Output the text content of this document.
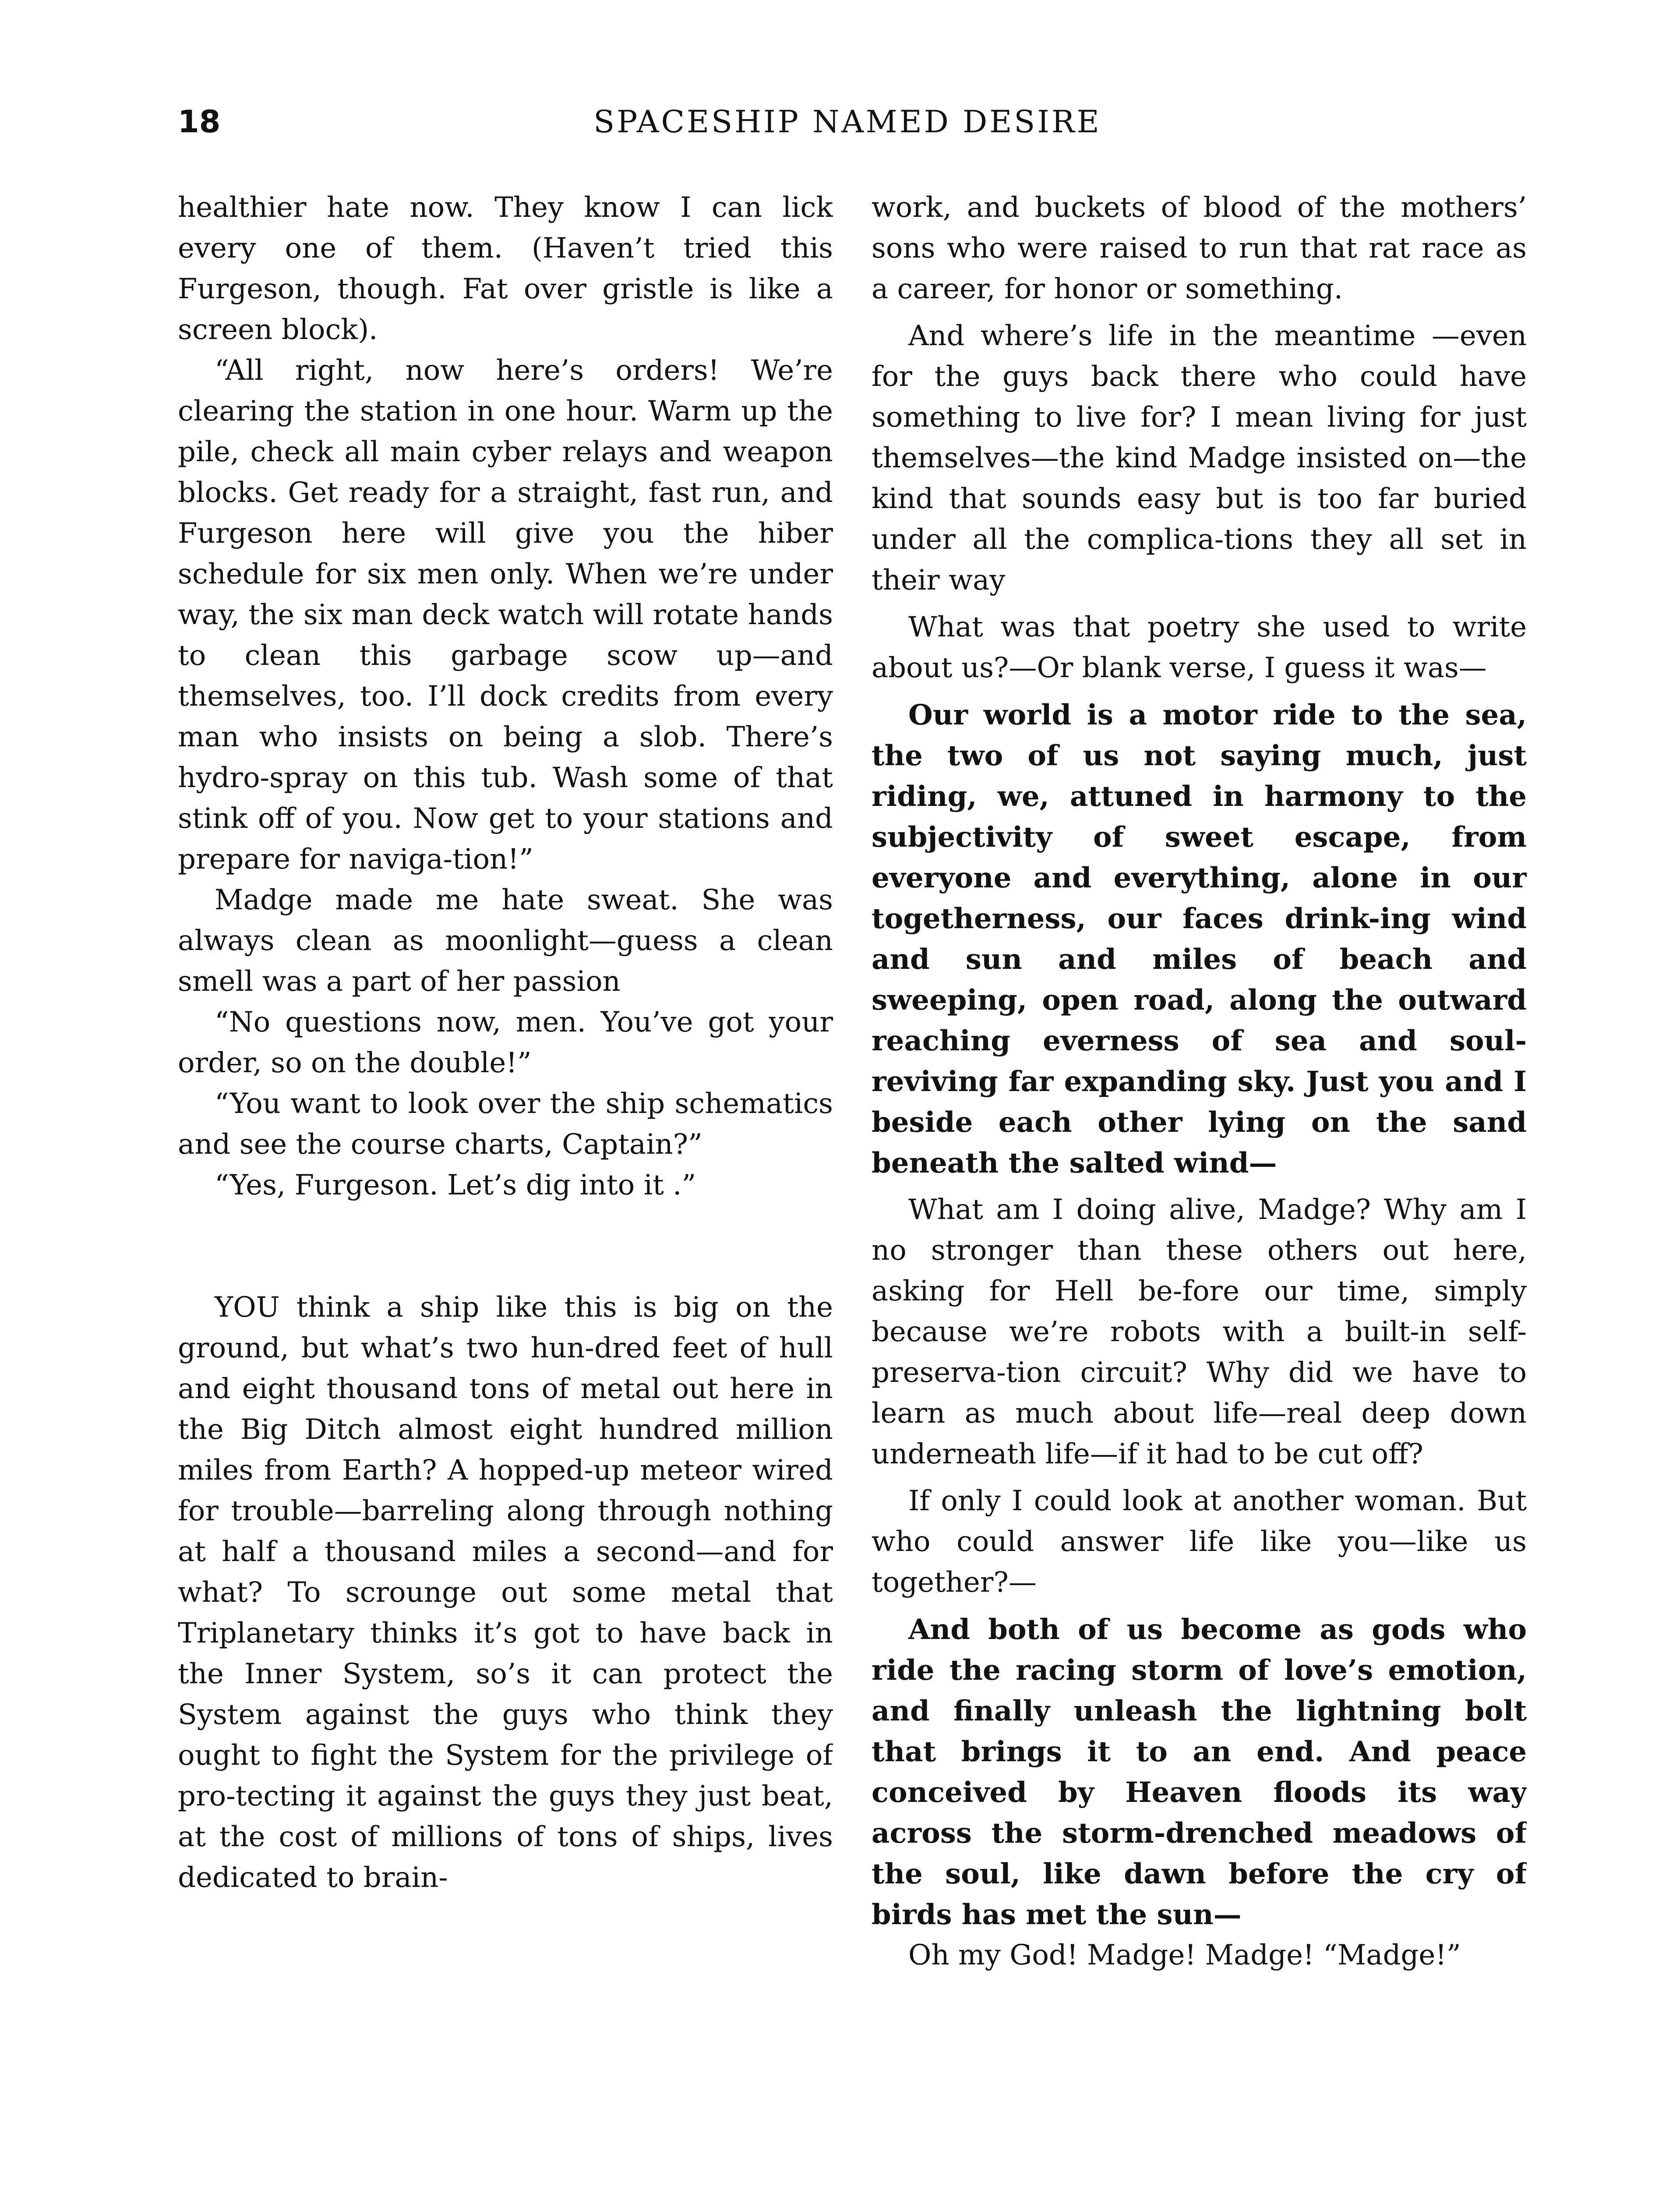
18	SPACESHIP NAMED DESIRE

healthier hate now. They know I can lick every one of them. (Haven’t tried this Furgeson, though. Fat over gristle is like a screen block).

“All right, now here’s orders! We’re clearing the station in one hour. Warm up the pile, check all main cyber relays and weapon blocks. Get ready for a straight, fast run, and Furgeson here will give you the hiber schedule for six men only. When we’re under way, the six man deck watch will rotate hands to clean this garbage scow up—and themselves, too. I’ll dock credits from every man who insists on being a slob. There’s hydro-spray on this tub. Wash some of that stink off of you. Now get to your stations and prepare for naviga-tion!”

Madge made me hate sweat. She was always clean as moonlight—guess a clean smell was a part of her passion

“No questions now, men. You’ve got your order, so on the double!”

“You want to look over the ship schematics and see the course charts, Captain?”

“Yes, Furgeson. Let’s dig into it .”

YOU think a ship like this is big on the ground, but what’s two hun-dred feet of hull and eight thousand tons of metal out here in the Big Ditch almost eight hundred million miles from Earth? A hopped-up meteor wired for trouble—barreling along through nothing at half a thousand miles a second—and for what? To scrounge out some metal that Triplanetary thinks it’s got to have back in the Inner System, so’s it can protect the System against the guys who think they ought to fight the System for the privilege of pro-tecting it against the guys they just beat, at the cost of millions of tons of ships, lives dedicated to brain-

work, and buckets of blood of the mothers’ sons who were raised to run that rat race as a career, for honor or something.

And where’s life in the meantime —even for the guys back there who could have something to live for? I mean living for just themselves—the kind Madge insisted on—the kind that sounds easy but is too far buried under all the complica-tions they all set in their way

What was that poetry she used to write about us?—Or blank verse, I guess it was—

Our world is a motor ride to the sea, the two of us not saying much, just riding, we, attuned in harmony to the subjectivity of sweet escape, from everyone and everything, alone in our togetherness, our faces drink-ing wind and sun and miles of beach and sweeping, open road, along the outward reaching everness of sea and soul-reviving far expanding sky. Just you and I beside each other lying on the sand beneath the salted wind—

What am I doing alive, Madge? Why am I no stronger than these others out here, asking for Hell be-fore our time, simply because we’re robots with a built-in self-preserva-tion circuit? Why did we have to learn as much about life—real deep down underneath life—if it had to be cut off?

If only I could look at another woman. But who could answer life like you—like us together?—

And both of us become as gods who ride the racing storm of love’s emotion, and finally unleash the lightning bolt that brings it to an end. And peace conceived by Heaven floods its way across the storm-drenched meadows of the soul, like dawn before the cry of birds has met the sun—

Oh my God! Madge! Madge! “Madge!”
